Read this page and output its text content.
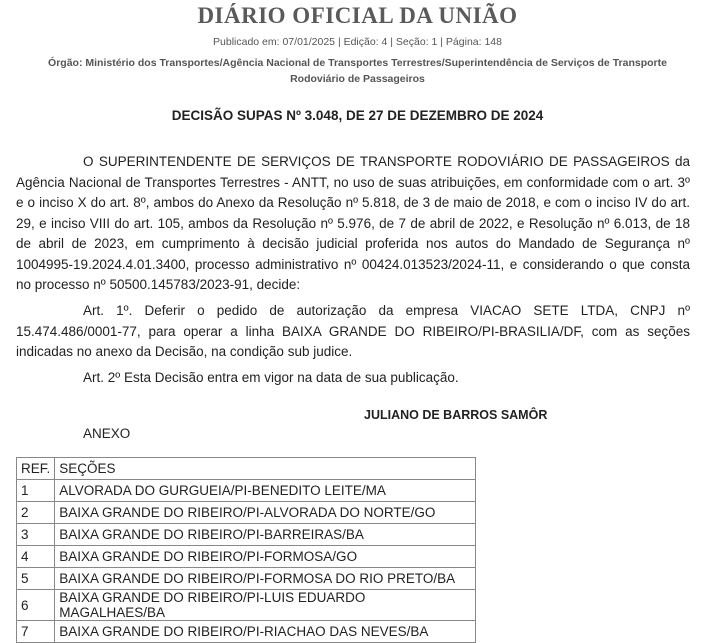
DIÁRIO OFICIAL DA UNIÃO
Publicado em: 07/01/2025 | Edição: 4 | Seção: 1 | Página: 148
Órgão: Ministério dos Transportes/Agência Nacional de Transportes Terrestres/Superintendência de Serviços de Transporte Rodoviário de Passageiros
DECISÃO SUPAS Nº 3.048, DE 27 DE DEZEMBRO DE 2024
O SUPERINTENDENTE DE SERVIÇOS DE TRANSPORTE RODOVIÁRIO DE PASSAGEIROS da Agência Nacional de Transportes Terrestres - ANTT, no uso de suas atribuições, em conformidade com o art. 3º e o inciso X do art. 8º, ambos do Anexo da Resolução nº 5.818, de 3 de maio de 2018, e com o inciso IV do art. 29, e inciso VIII do art. 105, ambos da Resolução nº 5.976, de 7 de abril de 2022, e Resolução nº 6.013, de 18 de abril de 2023, em cumprimento à decisão judicial proferida nos autos do Mandado de Segurança nº 1004995-19.2024.4.01.3400, processo administrativo nº 00424.013523/2024-11, e considerando o que consta no processo nº 50500.145783/2023-91, decide:
Art. 1º. Deferir o pedido de autorização da empresa VIACAO SETE LTDA, CNPJ nº 15.474.486/0001-77, para operar a linha BAIXA GRANDE DO RIBEIRO/PI-BRASILIA/DF, com as seções indicadas no anexo da Decisão, na condição sub judice.
Art. 2º Esta Decisão entra em vigor na data de sua publicação.
JULIANO DE BARROS SAMÔR
ANEXO
REF.	SEÇÕES
1	ALVORADA DO GURGUEIA/PI-BENEDITO LEITE/MA
2	BAIXA GRANDE DO RIBEIRO/PI-ALVORADA DO NORTE/GO
3	BAIXA GRANDE DO RIBEIRO/PI-BARREIRAS/BA
4	BAIXA GRANDE DO RIBEIRO/PI-FORMOSA/GO
5	BAIXA GRANDE DO RIBEIRO/PI-FORMOSA DO RIO PRETO/BA
6	BAIXA GRANDE DO RIBEIRO/PI-LUIS EDUARDO MAGALHAES/BA
7	BAIXA GRANDE DO RIBEIRO/PI-RIACHAO DAS NEVES/BA
